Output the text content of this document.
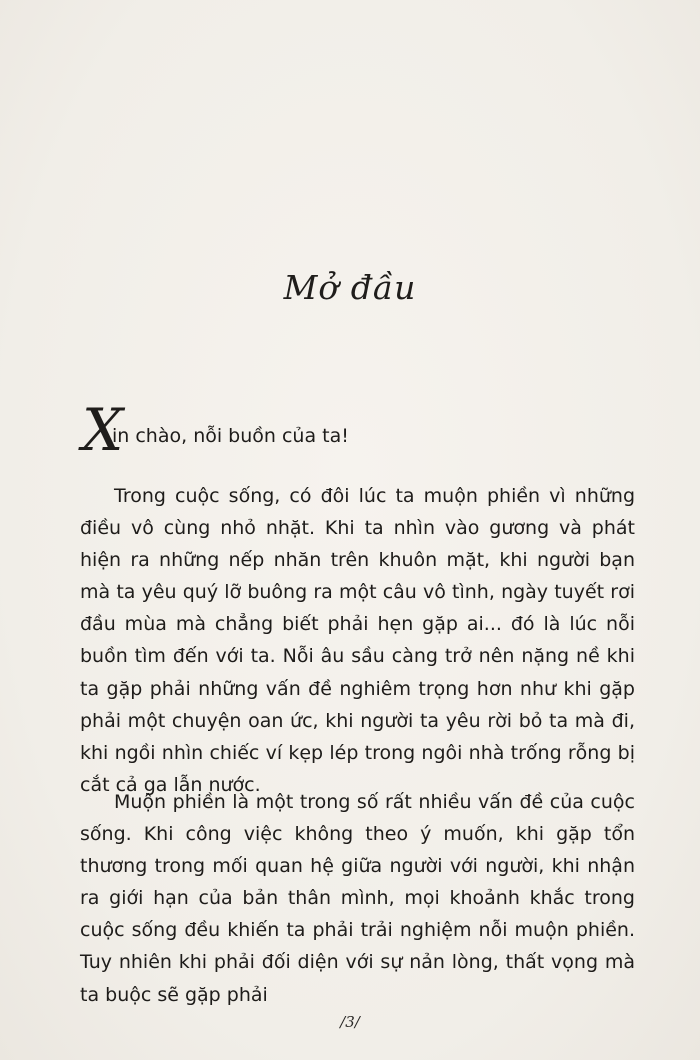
Mở đầu
X
in chào, nỗi buồn của ta!

Trong cuộc sống, có đôi lúc ta muộn phiền vì những điều vô cùng nhỏ nhặt. Khi ta nhìn vào gương và phát hiện ra những nếp nhăn trên khuôn mặt, khi người bạn mà ta yêu quý lỡ buông ra một câu vô tình, ngày tuyết rơi đầu mùa mà chẳng biết phải hẹn gặp ai... đó là lúc nỗi buồn tìm đến với ta. Nỗi âu sầu càng trở nên nặng nề khi ta gặp phải những vấn đề nghiêm trọng hơn như khi gặp phải một chuyện oan ức, khi người ta yêu rời bỏ ta mà đi, khi ngồi nhìn chiếc ví kẹp lép trong ngôi nhà trống rỗng bị cắt cả ga lẫn nước.

Muộn phiền là một trong số rất nhiều vấn đề của cuộc sống. Khi công việc không theo ý muốn, khi gặp tổn thương trong mối quan hệ giữa người với người, khi nhận ra giới hạn của bản thân mình, mọi khoảnh khắc trong cuộc sống đều khiến ta phải trải nghiệm nỗi muộn phiền. Tuy nhiên khi phải đối diện với sự nản lòng, thất vọng mà ta buộc sẽ gặp phải

/3/
